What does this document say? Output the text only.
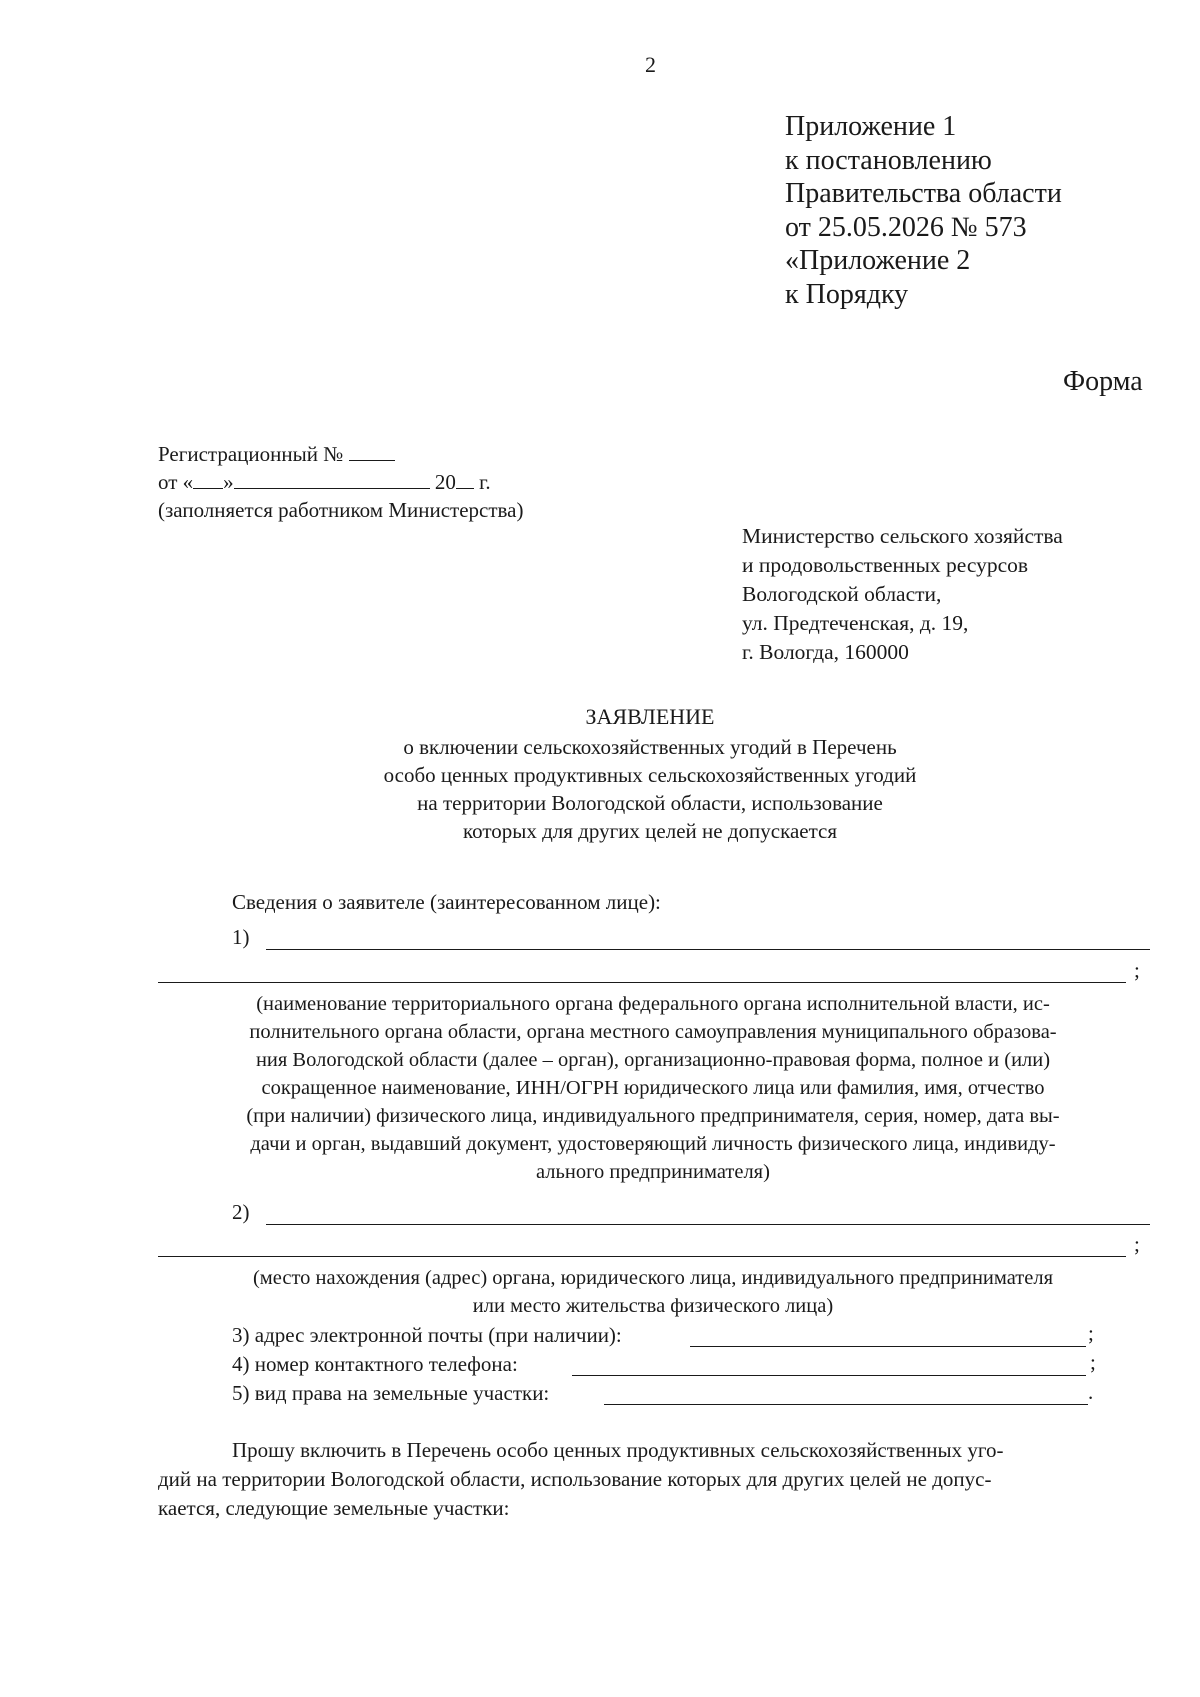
2
Приложение 1
к постановлению
Правительства области
от 25.05.2026 № 573
«Приложение 2
к Порядку
Форма
Регистрационный №
от « »	20 г.
(заполняется работником Министерства)
Министерство сельского хозяйства
и продовольственных ресурсов
Вологодской области,
ул. Предтеченская, д. 19,
г. Вологда, 160000
ЗАЯВЛЕНИЕ
о включении сельскохозяйственных угодий в Перечень
особо ценных продуктивных сельскохозяйственных угодий
на территории Вологодской области, использование
которых для других целей не допускается
Сведения о заявителе (заинтересованном лице):
1)
;
(наименование территориального органа федерального органа исполнительной власти, ис-
полнительного органа области, органа местного самоуправления муниципального образова-
ния Вологодской области (далее – орган), организационно-правовая форма, полное и (или)
сокращенное наименование, ИНН/ОГРН юридического лица или фамилия, имя, отчество
(при наличии) физического лица, индивидуального предпринимателя, серия, номер, дата вы-
дачи и орган, выдавший документ, удостоверяющий личность физического лица, индивиду-
ального предпринимателя)
2)
;
(место нахождения (адрес) органа, юридического лица, индивидуального предпринимателя
или место жительства физического лица)
3) адрес электронной почты (при наличии):	;
4) номер контактного телефона:	;
5) вид права на земельные участки:	.
Прошу включить в Перечень особо ценных продуктивных сельскохозяйственных уго-
дий на территории Вологодской области, использование которых для других целей не допус-
кается, следующие земельные участки:
